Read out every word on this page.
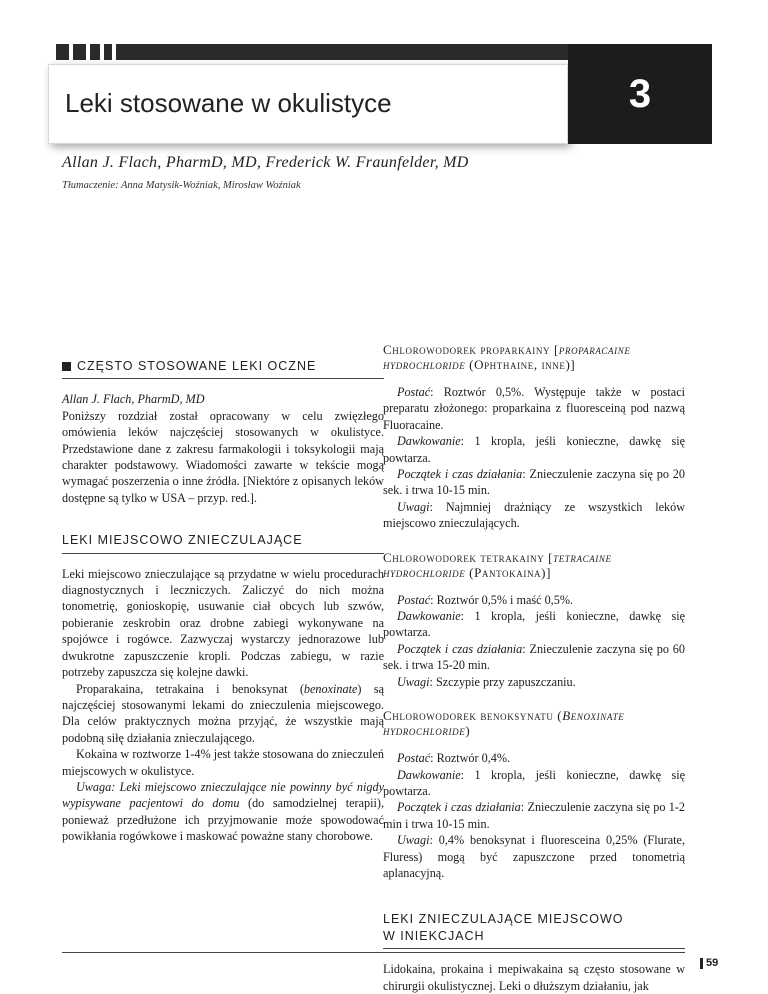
Leki stosowane w okulistyce	3
Allan J. Flach, PharmD, MD, Frederick W. Fraunfelder, MD
Tłumaczenie: Anna Matysik-Woźniak, Mirosław Woźniak
CZĘSTO STOSOWANE LEKI OCZNE

Allan J. Flach, PharmD, MD

Poniższy rozdział został opracowany w celu zwięzłego omówienia leków najczęściej stosowanych w okulistyce. Przedstawione dane z zakresu farmakologii i toksykologii mają charakter podstawowy. Wiadomości zawarte w tekście mogą wymagać poszerzenia o inne źródła. [Niektóre z opisanych leków dostępne są tylko w USA – przyp. red.].

LEKI MIEJSCOWO ZNIECZULAJĄCE

Leki miejscowo znieczulające są przydatne w wielu procedurach diagnostycznych i leczniczych. Zaliczyć do nich można tonometrię, gonioskopię, usuwanie ciał obcych lub szwów, pobieranie zeskrobin oraz drobne zabiegi wykonywane na spojówce i rogówce. Zazwyczaj wystarczy jednorazowe lub dwukrotne zapuszczenie kropli. Podczas zabiegu, w razie potrzeby zapuszcza się kolejne dawki.

Proparakaina, tetrakaina i benoksynat (benoxinate) są najczęściej stosowanymi lekami do znieczulenia miejscowego. Dla celów praktycznych można przyjąć, że wszystkie mają podobną siłę działania znieczulającego.

Kokaina w roztworze 1-4% jest także stosowana do znieczuleń miejscowych w okulistyce.

Uwaga: Leki miejscowo znieczulające nie powinny być nigdy wypisywane pacjentowi do domu (do samodzielnej terapii), ponieważ przedłużone ich przyjmowanie może spowodować powikłania rogówkowe i maskować poważne stany chorobowe.

Chlorowodorek proparkainy [proparacaine hydrochloride (Ophthaine, inne)]

Postać: Roztwór 0,5%. Występuje także w postaci preparatu złożonego: proparkaina z fluoresceiną pod nazwą Fluoracaine.

Dawkowanie: 1 kropla, jeśli konieczne, dawkę się powtarza.

Początek i czas działania: Znieczulenie zaczyna się po 20 sek. i trwa 10-15 min.

Uwagi: Najmniej drażniący ze wszystkich leków miejscowo znieczulających.

Chlorowodorek tetrakainy [tetracaine hydrochloride (Pantokaina)]

Postać: Roztwór 0,5% i maść 0,5%.

Dawkowanie: 1 kropla, jeśli konieczne, dawkę się powtarza.

Początek i czas działania: Znieczulenie zaczyna się po 60 sek. i trwa 15-20 min.

Uwagi: Szczypie przy zapuszczaniu.

Chlorowodorek benoksynatu (Benoxinate hydrochloride)

Postać: Roztwór 0,4%.

Dawkowanie: 1 kropla, jeśli konieczne, dawkę się powtarza.

Początek i czas działania: Znieczulenie zaczyna się po 1-2 min i trwa 10-15 min.

Uwagi: 0,4% benoksynat i fluoresceina 0,25% (Flurate, Fluress) mogą być zapuszczone przed tonometrią aplanacyjną.

LEKI ZNIECZULAJĄCE MIEJSCOWO
W INIEKCJACH

Lidokaina, prokaina i mepiwakaina są często stosowane w chirurgii okulistycznej. Leki o dłuższym działaniu, jak

59
